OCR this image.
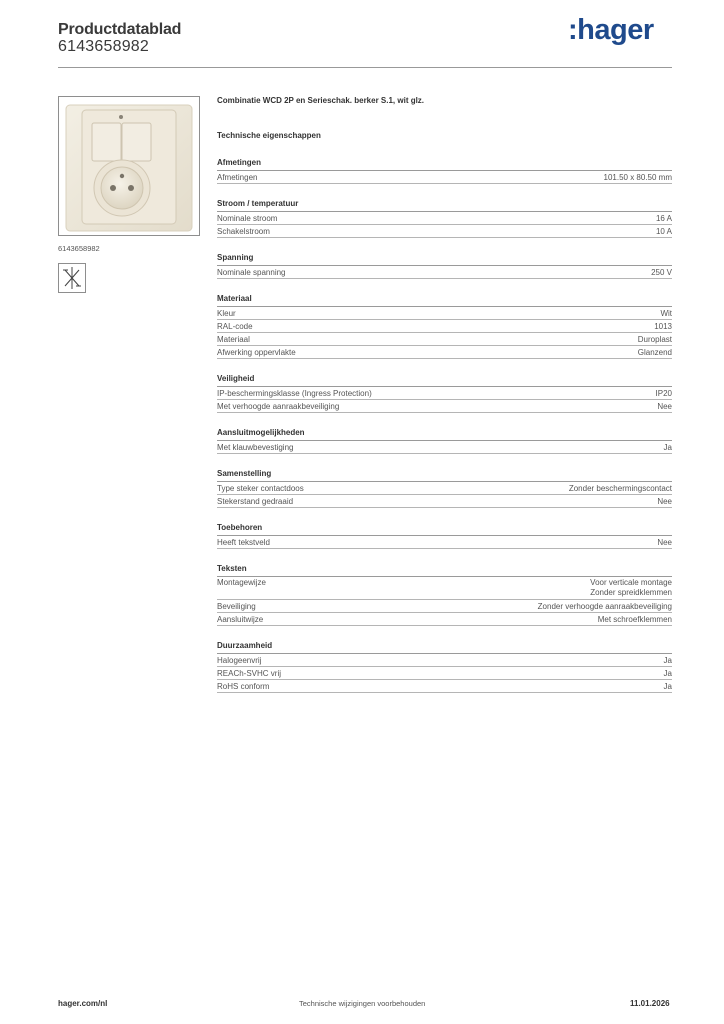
Productdatablad
6143658982
:hager
6143658982
Combinatie WCD 2P en Serieschak. berker S.1, wit glz.
Technische eigenschappen
Afmetingen
Afmetingen	101.50 x 80.50 mm
Stroom / temperatuur
Nominale stroom	16 A
Schakelstroom	10 A
Spanning
Nominale spanning	250 V
Materiaal
Kleur	Wit
RAL-code	1013
Materiaal	Duroplast
Afwerking oppervlakte	Glanzend
Veiligheid
IP-beschermingsklasse (Ingress Protection)	IP20
Met verhoogde aanraakbeveiliging	Nee
Aansluitmogelijkheden
Met klauwbevestiging	Ja
Samenstelling
Type steker contactdoos	Zonder beschermingscontact
Stekerstand gedraaid	Nee
Toebehoren
Heeft tekstveld	Nee
Teksten
Montagewijze	Voor verticale montage
Zonder spreidklemmen
Beveiliging	Zonder verhoogde aanraakbeveiliging
Aansluitwijze	Met schroefklemmen
Duurzaamheid
Halogeenvrij	Ja
REACh-SVHC vrij	Ja
RoHS conform	Ja
hager.com/nl	Technische wijzigingen voorbehouden	11.01.2026
